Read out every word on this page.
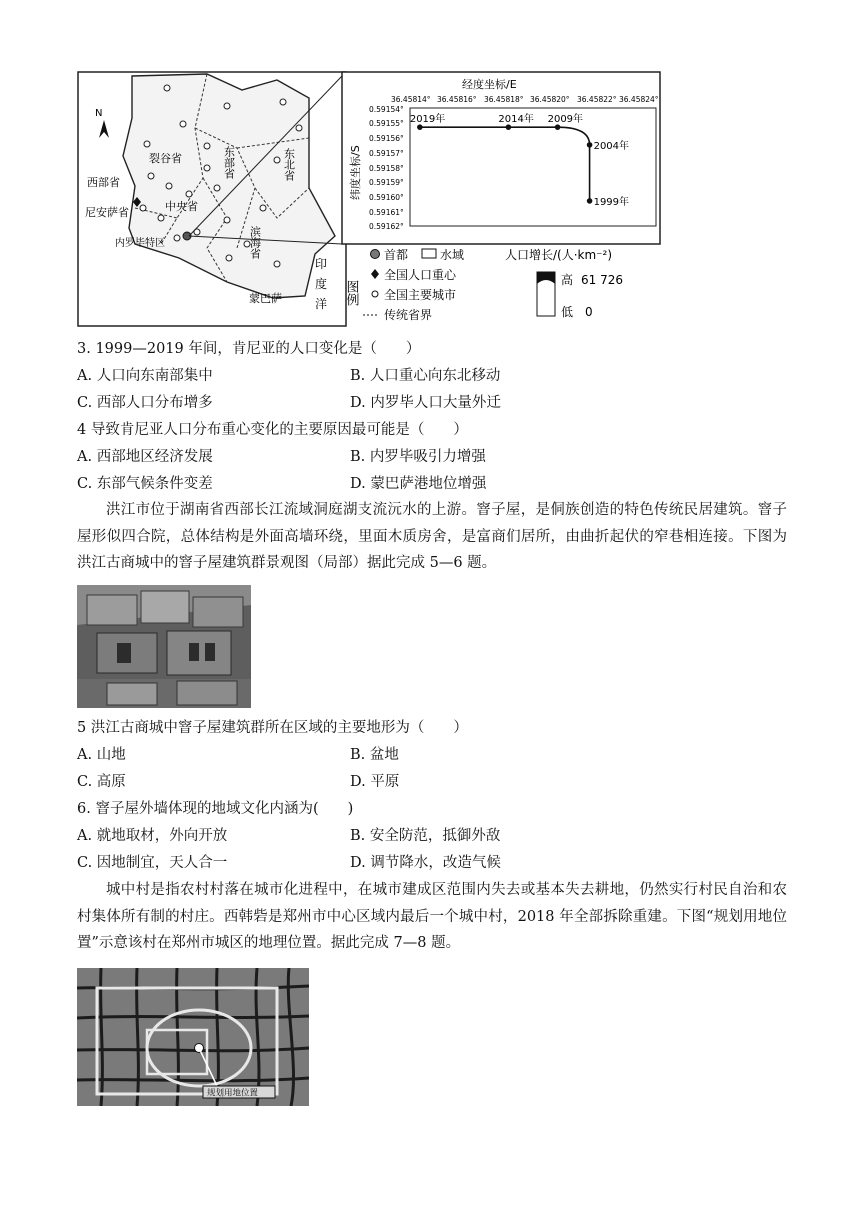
N
裂谷省	东部省	东北省
西部省
尼安萨省	中央省
内罗毕特区	滨海省
蒙巴萨
印
度
洋
经度坐标/E
纬度坐标/S
36.45814° 36.45816° 36.45818° 36.45820° 36.45822° 36.45824°
0.59154°
0.59155°
0.59156°
0.59157°
0.59158°
0.59159°
0.59160°
0.59161°
0.59162°
2019年	2014年 2009年
2004年
1999年
图例
首都	水域
全国人口重心
全国主要城市
传统省界
人口增长/(人·km⁻²)
高 61 726
低 0
3. 1999—2019 年间，肯尼亚的人口变化是（　　）
A. 人口向东南部集中	B. 人口重心向东北移动
C. 西部人口分布增多	D. 内罗毕人口大量外迁
4 导致肯尼亚人口分布重心变化的主要原因最可能是（　　）
A. 西部地区经济发展	B. 内罗毕吸引力增强
C. 东部气候条件变差	D. 蒙巴萨港地位增强
洪江市位于湖南省西部长江流域洞庭湖支流沅水的上游。窨子屋，是侗族创造的特色传统民居建筑。窨子屋形似四合院，总体结构是外面高墙环绕，里面木质房舍，是富商们居所，由曲折起伏的窄巷相连接。下图为洪江古商城中的窨子屋建筑群景观图（局部）据此完成 5—6 题。
5 洪江古商城中窨子屋建筑群所在区域的主要地形为（　　）
A. 山地	B. 盆地
C. 高原	D. 平原
6. 窨子屋外墙体现的地域文化内涵为(　　)
A. 就地取材，外向开放	B. 安全防范，抵御外敌
C. 因地制宜，天人合一	D. 调节降水，改造气候
城中村是指农村村落在城市化进程中，在城市建成区范围内失去或基本失去耕地，仍然实行村民自治和农村集体所有制的村庄。西韩砦是郑州市中心区域内最后一个城中村，2018 年全部拆除重建。下图“规划用地位置”示意该村在郑州市城区的地理位置。据此完成 7—8 题。
规划用地位置
